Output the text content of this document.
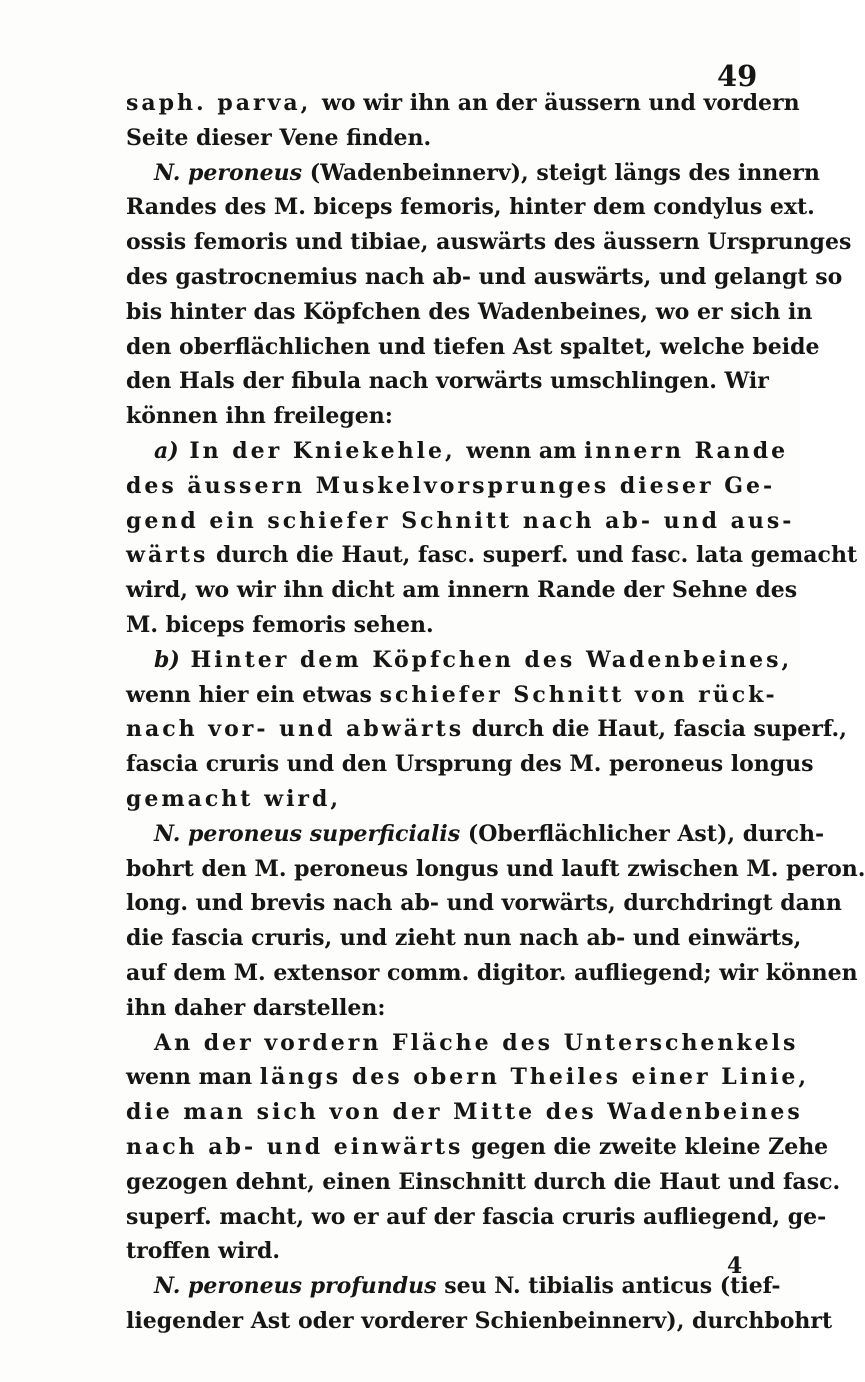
49
saph. parva, wo wir ihn an der äussern und vordern
Seite dieser Vene finden.
N. peroneus (Wadenbeinnerv), steigt längs des innern
Randes des M. biceps femoris, hinter dem condylus ext.
ossis femoris und tibiae, auswärts des äussern Ursprunges
des gastrocnemius nach ab- und auswärts, und gelangt so
bis hinter das Köpfchen des Wadenbeines, wo er sich in
den oberflächlichen und tiefen Ast spaltet, welche beide
den Hals der fibula nach vorwärts umschlingen. Wir
können ihn freilegen:
a) In der Kniekehle, wenn am innern Rande
des äussern Muskelvorsprunges dieser Ge-
gend ein schiefer Schnitt nach ab- und aus-
wärts durch die Haut, fasc. superf. und fasc. lata gemacht
wird, wo wir ihn dicht am innern Rande der Sehne des
M. biceps femoris sehen.
b) Hinter dem Köpfchen des Wadenbeines,
wenn hier ein etwas schiefer Schnitt von rück-
nach vor- und abwärts durch die Haut, fascia superf.,
fascia cruris und den Ursprung des M. peroneus longus
gemacht wird,
N. peroneus superficialis (Oberflächlicher Ast), durch-
bohrt den M. peroneus longus und lauft zwischen M. peron.
long. und brevis nach ab- und vorwärts, durchdringt dann
die fascia cruris, und zieht nun nach ab- und einwärts,
auf dem M. extensor comm. digitor. aufliegend; wir können
ihn daher darstellen:
An der vordern Fläche des Unterschenkels
wenn man längs des obern Theiles einer Linie,
die man sich von der Mitte des Wadenbeines
nach ab- und einwärts gegen die zweite kleine Zehe
gezogen dehnt, einen Einschnitt durch die Haut und fasc.
superf. macht, wo er auf der fascia cruris aufliegend, ge-
troffen wird.
N. peroneus profundus seu N. tibialis anticus (tief-
liegender Ast oder vorderer Schienbeinnerv), durchbohrt
4
